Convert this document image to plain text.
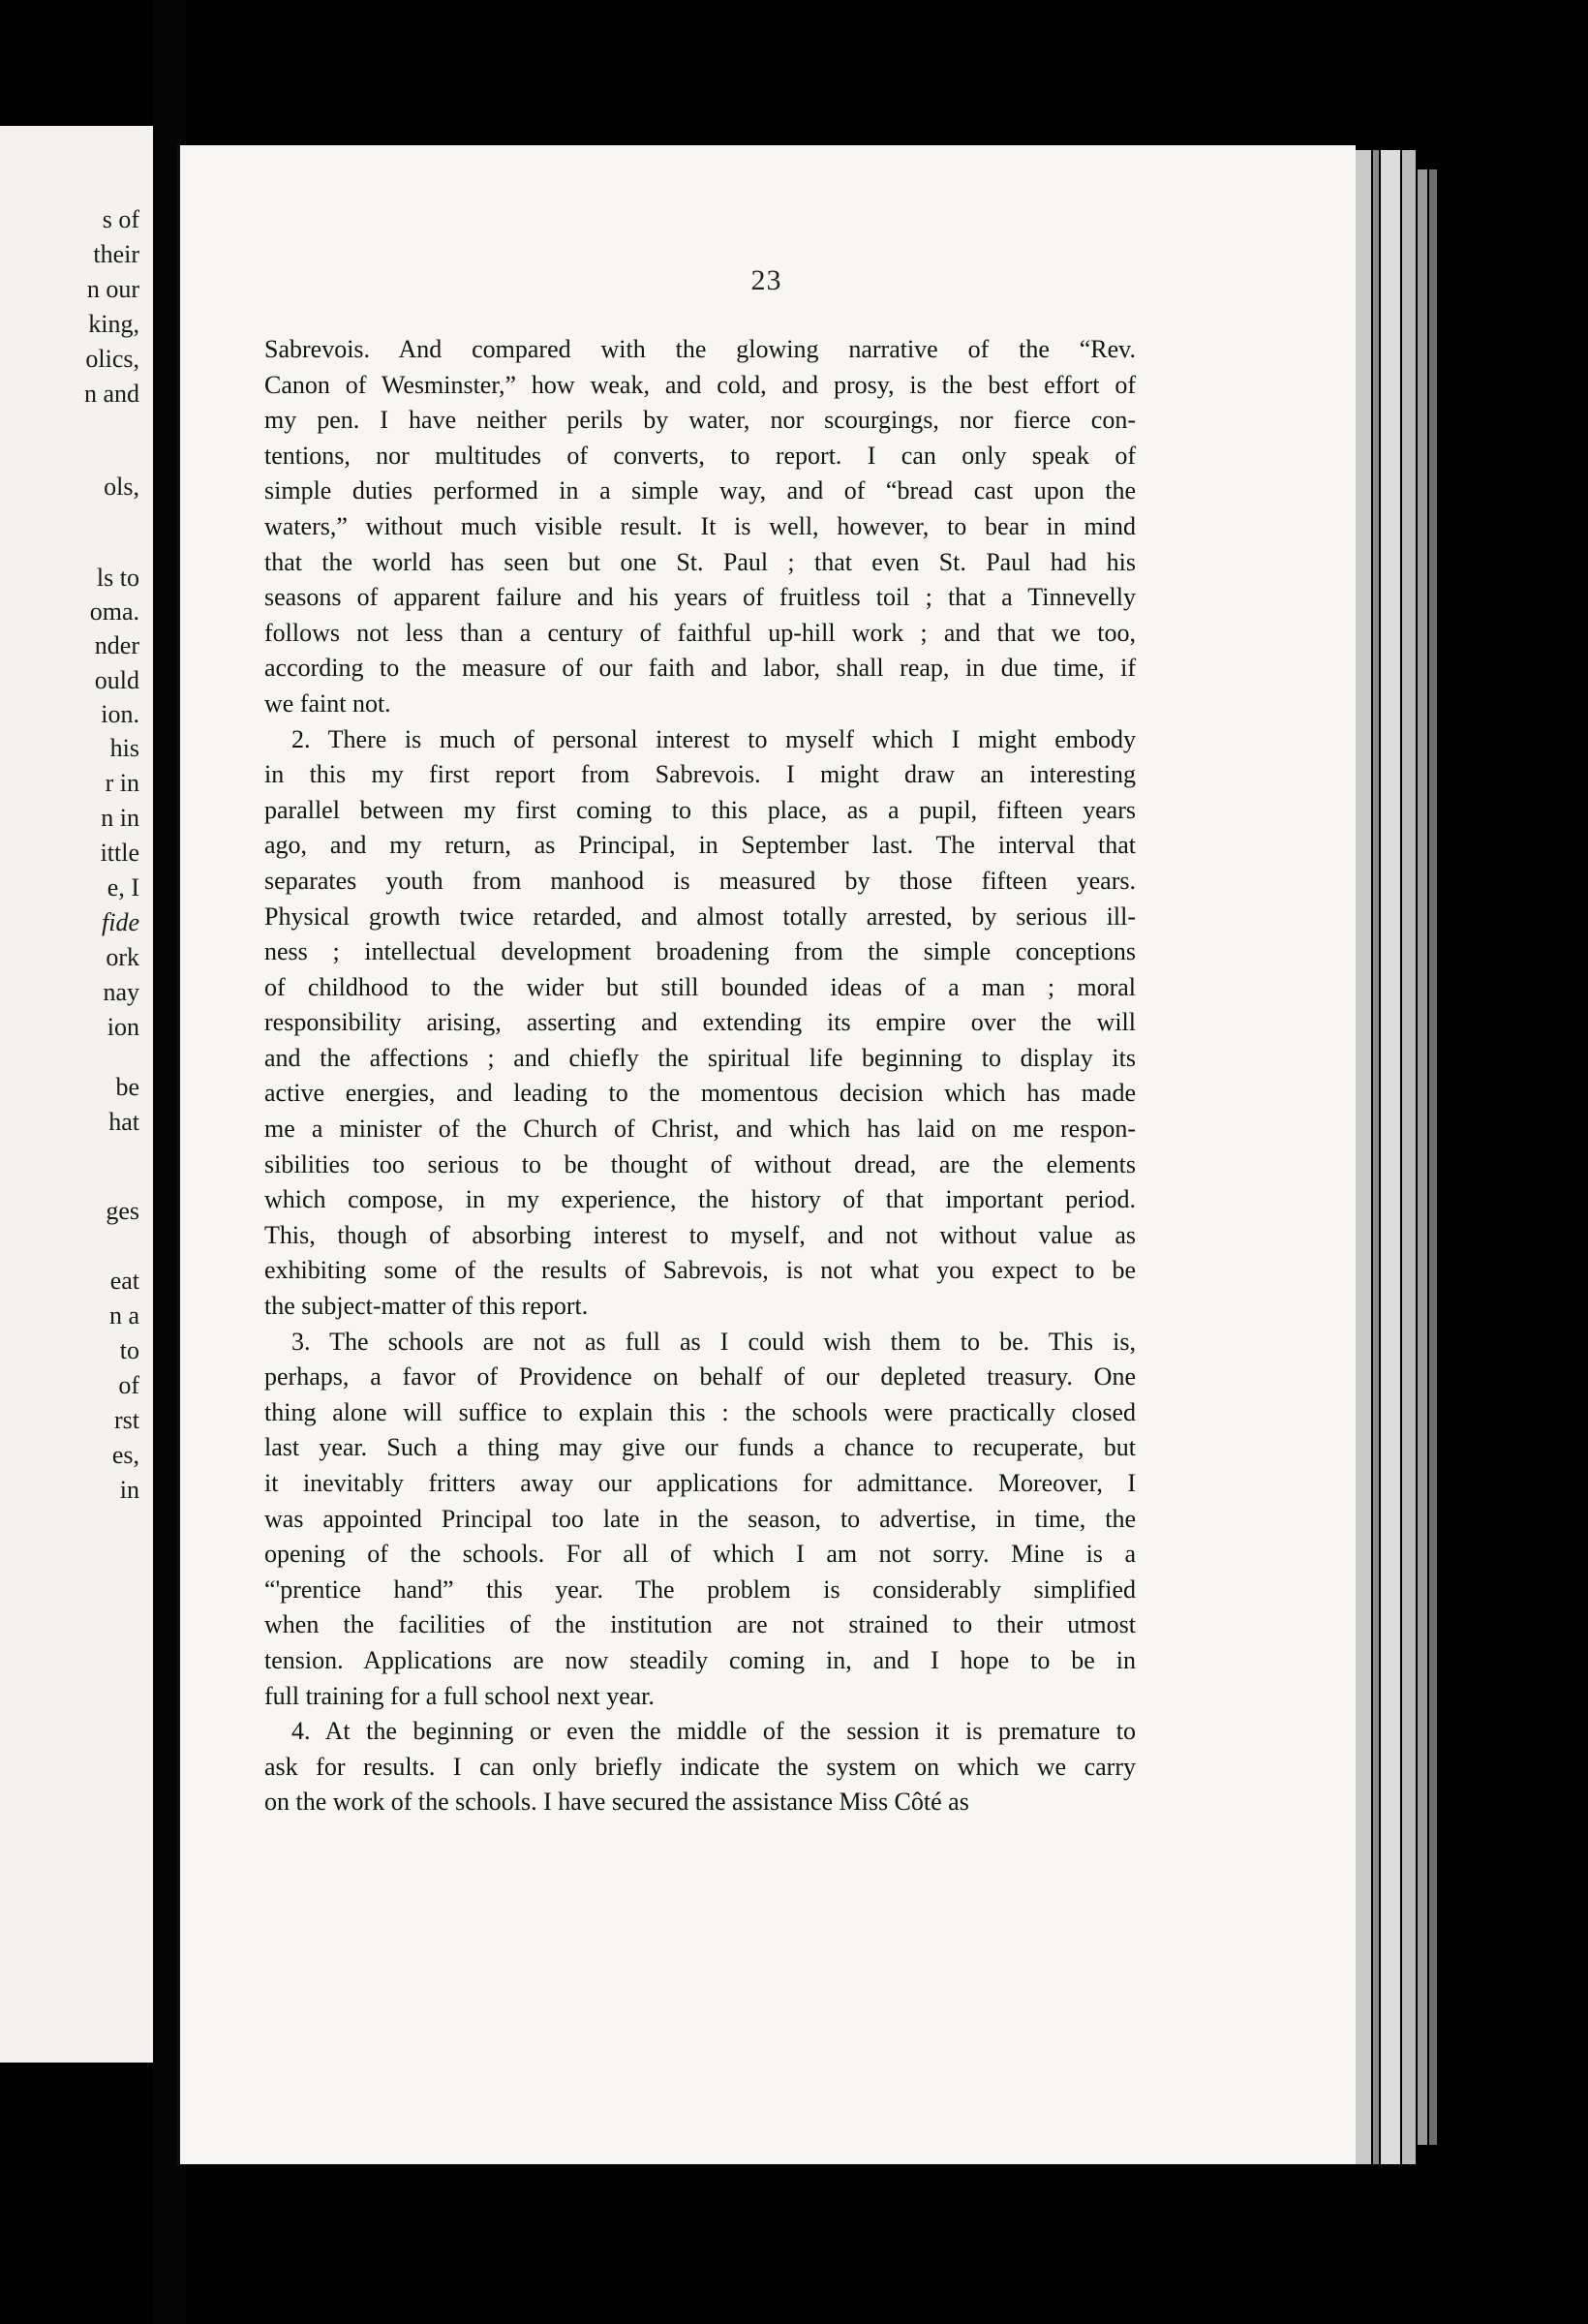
s of
their
n our
king,
olics,
n and
ols,
ls to
oma.
nder
ould
ion.
his
r in
n in
ittle
e, I
fide
ork
nay
ion
be
hat
ges
eat
n a
to
of
rst
es,
in
23
Sabrevois. And compared with the glowing narrative of the “Rev.
Canon of Wesminster,” how weak, and cold, and prosy, is the best effort of
my pen. I have neither perils by water, nor scourgings, nor fierce con-
tentions, nor multitudes of converts, to report. I can only speak of
simple duties performed in a simple way, and of “bread cast upon the
waters,” without much visible result. It is well, however, to bear in mind
that the world has seen but one St. Paul ; that even St. Paul had his
seasons of apparent failure and his years of fruitless toil ; that a Tinnevelly
follows not less than a century of faithful up-hill work ; and that we too,
according to the measure of our faith and labor, shall reap, in due time, if
we faint not.
2. There is much of personal interest to myself which I might embody
in this my first report from Sabrevois. I might draw an interesting
parallel between my first coming to this place, as a pupil, fifteen years
ago, and my return, as Principal, in September last. The interval that
separates youth from manhood is measured by those fifteen years.
Physical growth twice retarded, and almost totally arrested, by serious ill-
ness ; intellectual development broadening from the simple conceptions
of childhood to the wider but still bounded ideas of a man ; moral
responsibility arising, asserting and extending its empire over the will
and the affections ; and chiefly the spiritual life beginning to display its
active energies, and leading to the momentous decision which has made
me a minister of the Church of Christ, and which has laid on me respon-
sibilities too serious to be thought of without dread, are the elements
which compose, in my experience, the history of that important period.
This, though of absorbing interest to myself, and not without value as
exhibiting some of the results of Sabrevois, is not what you expect to be
the subject-matter of this report.
3. The schools are not as full as I could wish them to be. This is,
perhaps, a favor of Providence on behalf of our depleted treasury. One
thing alone will suffice to explain this : the schools were practically closed
last year. Such a thing may give our funds a chance to recuperate, but
it inevitably fritters away our applications for admittance. Moreover, I
was appointed Principal too late in the season, to advertise, in time, the
opening of the schools. For all of which I am not sorry. Mine is a
“'prentice hand” this year. The problem is considerably simplified
when the facilities of the institution are not strained to their utmost
tension. Applications are now steadily coming in, and I hope to be in
full training for a full school next year.
4. At the beginning or even the middle of the session it is premature to
ask for results. I can only briefly indicate the system on which we carry
on the work of the schools. I have secured the assistance Miss Côté as
